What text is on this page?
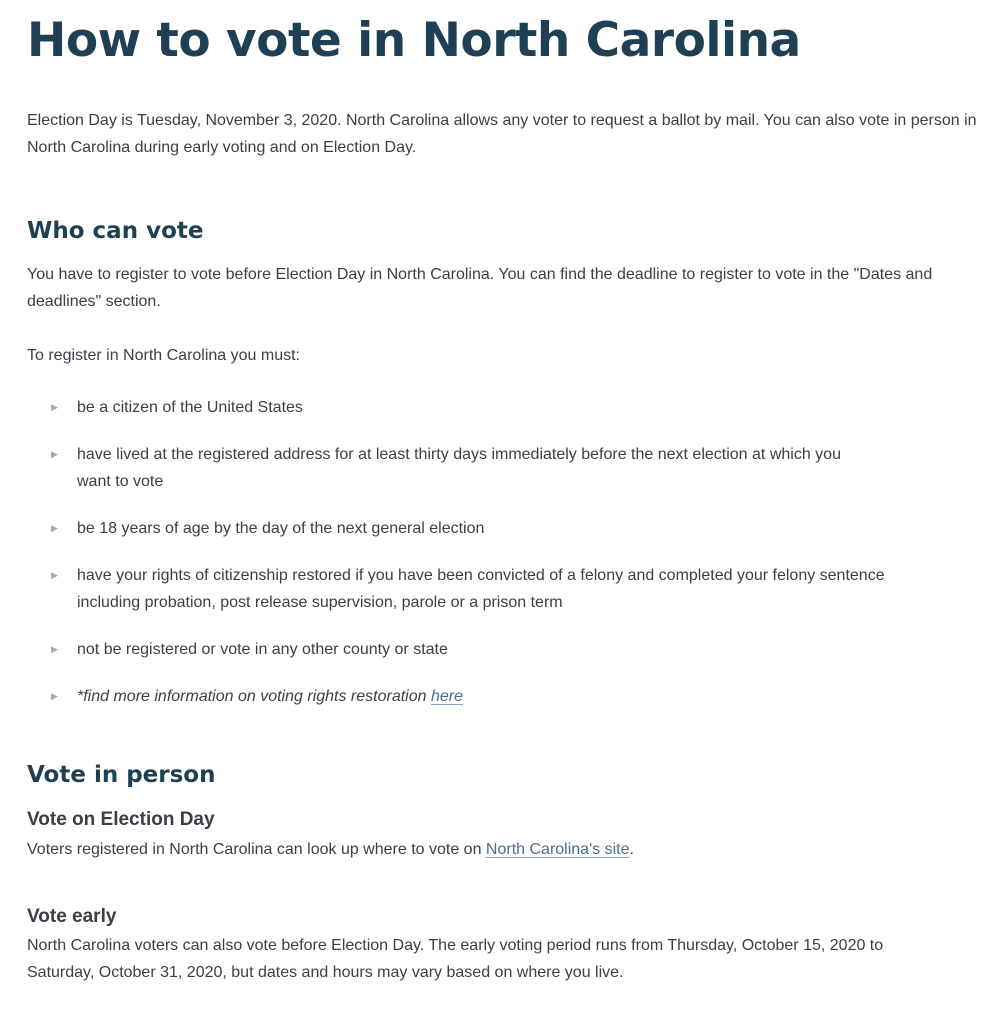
How to vote in North Carolina

Election Day is Tuesday, November 3, 2020. North Carolina allows any voter to request a ballot by mail. You can also vote in person in North Carolina during early voting and on Election Day.

Who can vote

You have to register to vote before Election Day in North Carolina. You can find the deadline to register to vote in the "Dates and deadlines" section.

To register in North Carolina you must:

▶ be a citizen of the United States
▶ have lived at the registered address for at least thirty days immediately before the next election at which you want to vote
▶ be 18 years of age by the day of the next general election
▶ have your rights of citizenship restored if you have been convicted of a felony and completed your felony sentence including probation, post release supervision, parole or a prison term
▶ not be registered or vote in any other county or state
▶ *find more information on voting rights restoration here
Vote in person
Vote on Election Day

Voters registered in North Carolina can look up where to vote on North Carolina's site.

Vote early

North Carolina voters can also vote before Election Day. The early voting period runs from Thursday, October 15, 2020 to Saturday, October 31, 2020, but dates and hours may vary based on where you live.
